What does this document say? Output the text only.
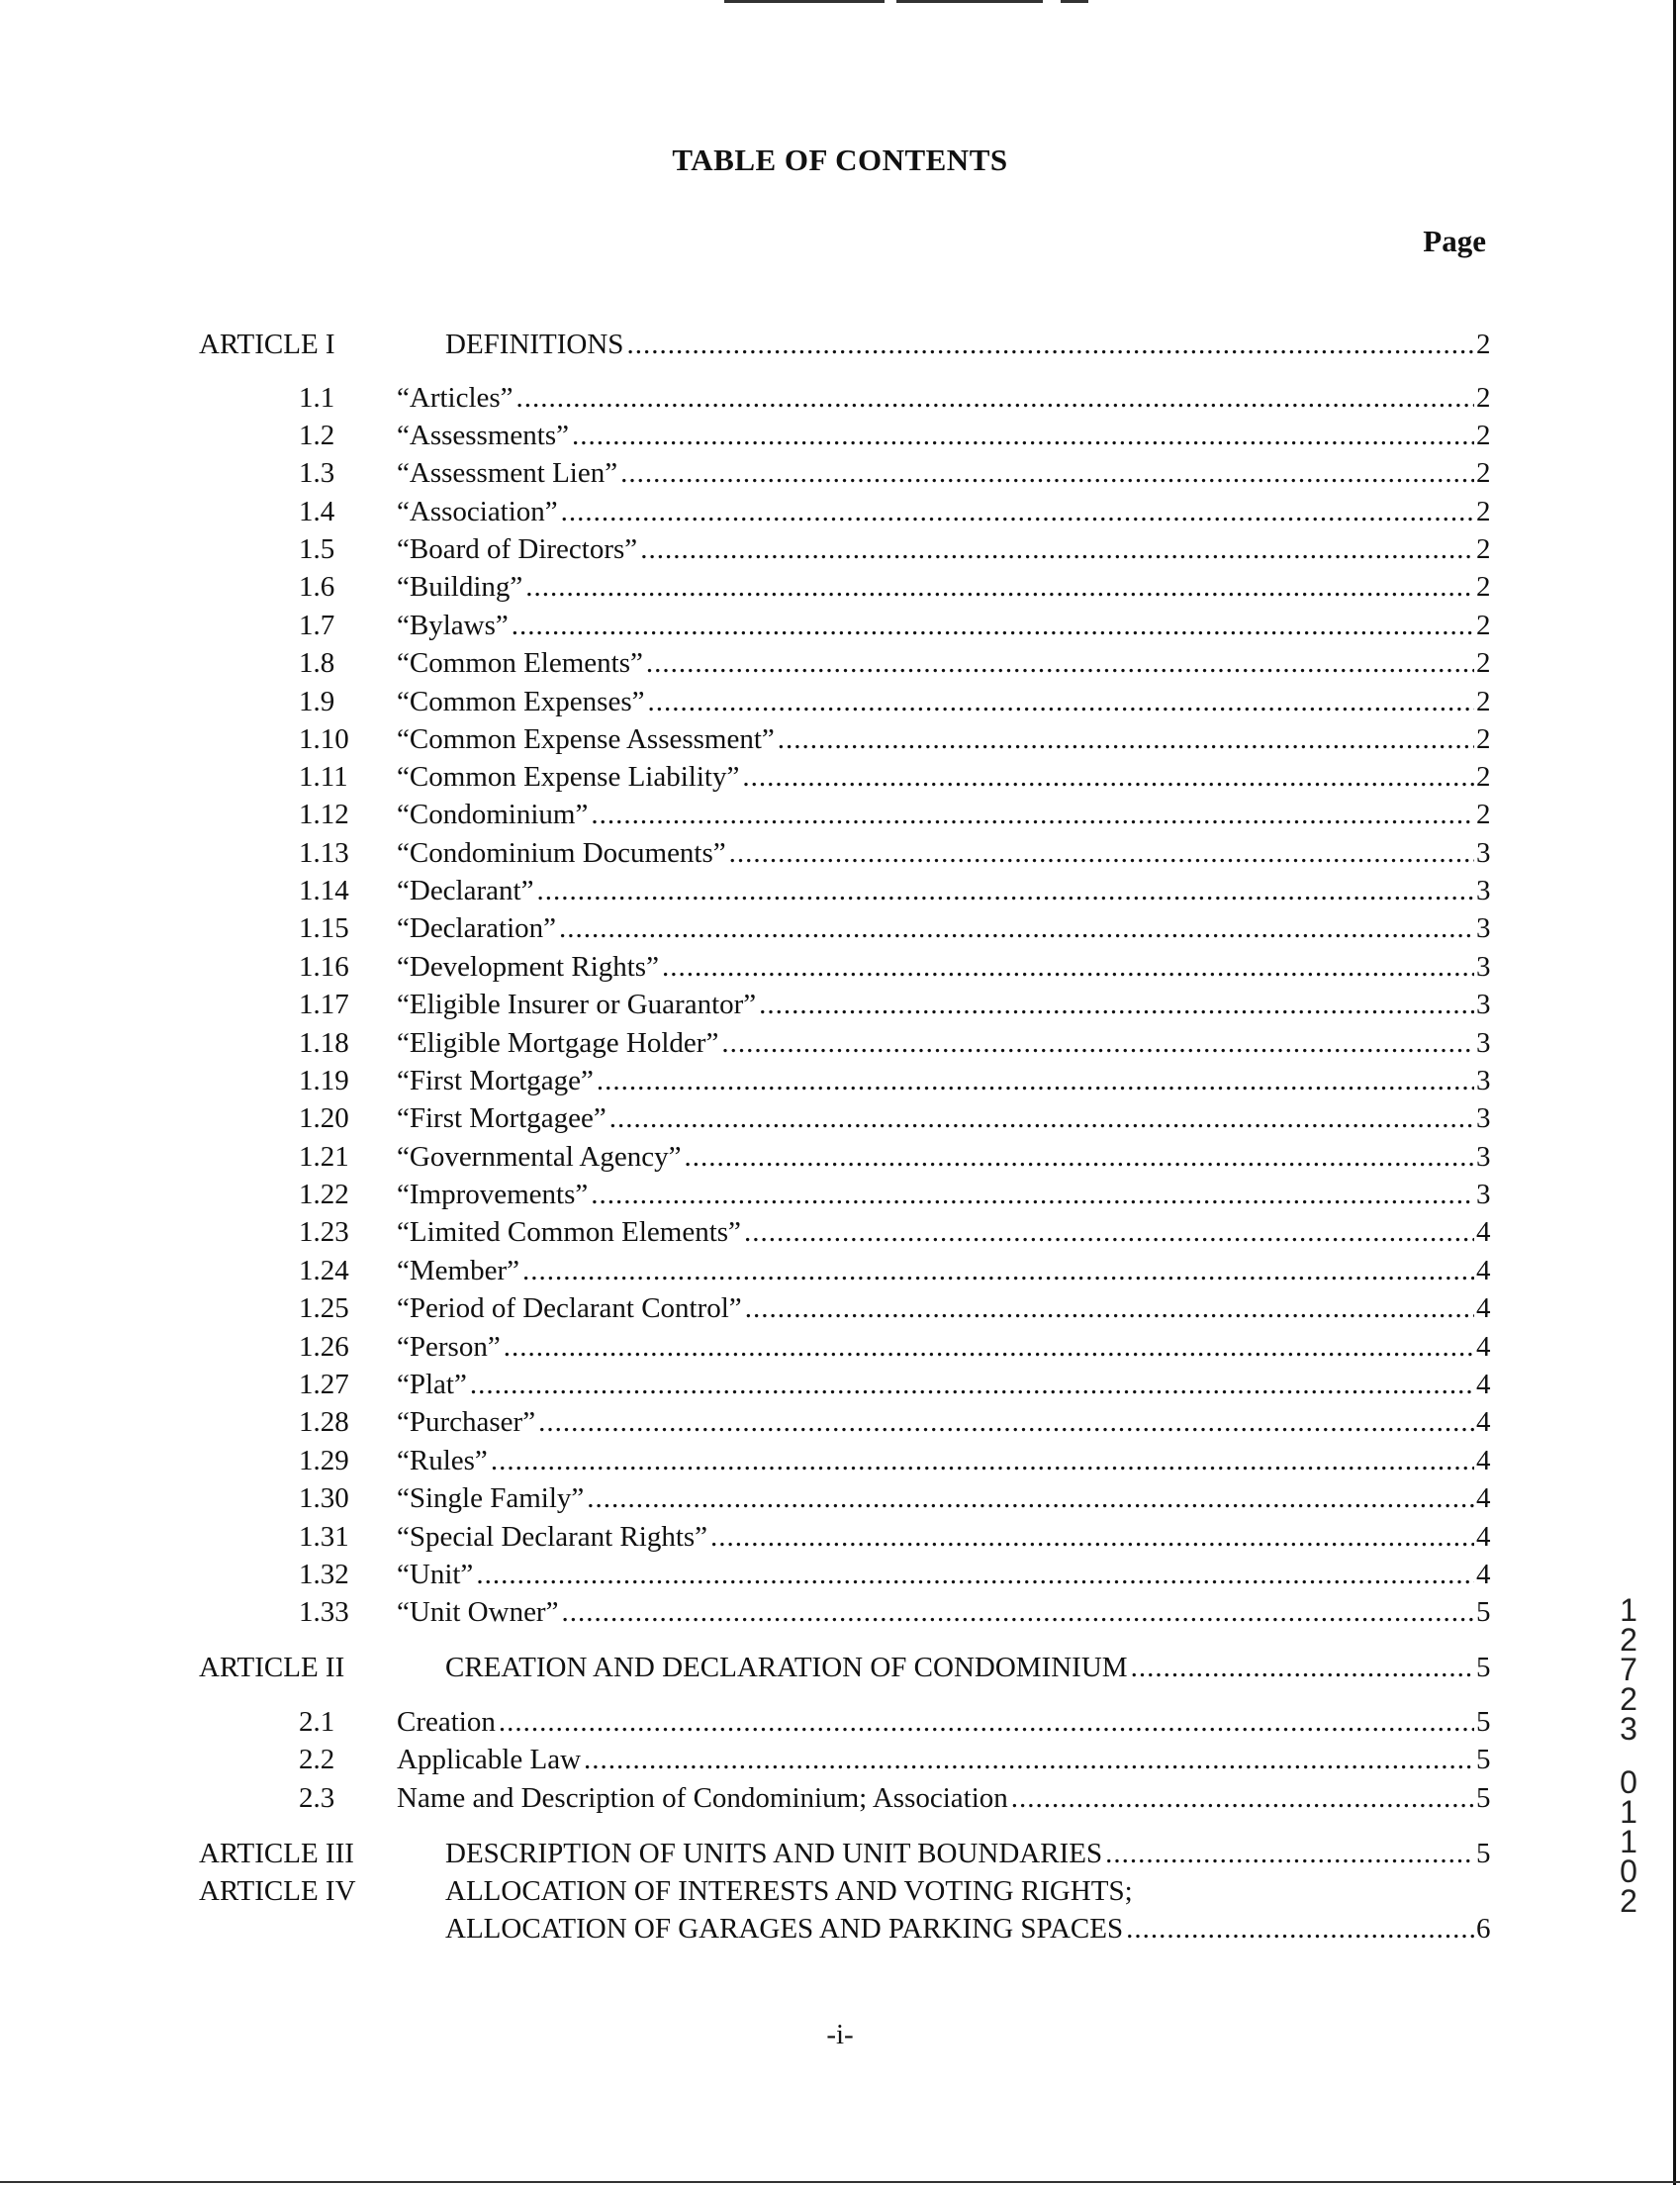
TABLE OF CONTENTS
Page
ARTICLE I	DEFINITIONS .....	2
1.1 “Articles” .....	2
1.2 “Assessments” .....	2
1.3 “Assessment Lien” .....	2
1.4 “Association” .....	2
1.5 “Board of Directors” .....	2
1.6 “Building” .....	2
1.7 “Bylaws” .....	2
1.8 “Common Elements” .....	2
1.9 “Common Expenses” .....	2
1.10 “Common Expense Assessment” .....	2
1.11 “Common Expense Liability” .....	2
1.12 “Condominium” .....	2
1.13 “Condominium Documents” .....	3
1.14 “Declarant” .....	3
1.15 “Declaration” .....	3
1.16 “Development Rights” .....	3
1.17 “Eligible Insurer or Guarantor” .....	3
1.18 “Eligible Mortgage Holder” .....	3
1.19 “First Mortgage” .....	3
1.20 “First Mortgagee” .....	3
1.21 “Governmental Agency” .....	3
1.22 “Improvements” .....	3
1.23 “Limited Common Elements” .....	4
1.24 “Member” .....	4
1.25 “Period of Declarant Control” .....	4
1.26 “Person” .....	4
1.27 “Plat” .....	4
1.28 “Purchaser” .....	4
1.29 “Rules” .....	4
1.30 “Single Family” .....	4
1.31 “Special Declarant Rights” .....	4
1.32 “Unit” .....	4
1.33 “Unit Owner” .....	5
ARTICLE II	CREATION AND DECLARATION OF CONDOMINIUM .....	5
2.1 Creation .....	5
2.2 Applicable Law .....	5
2.3 Name and Description of Condominium; Association .....	5
ARTICLE III	DESCRIPTION OF UNITS AND UNIT BOUNDARIES .....	5
ARTICLE IV	ALLOCATION OF INTERESTS AND VOTING RIGHTS;
ALLOCATION OF GARAGES AND PARKING SPACES .....	6
-i-
1
2
7
2
3
0
1
1
0
2
